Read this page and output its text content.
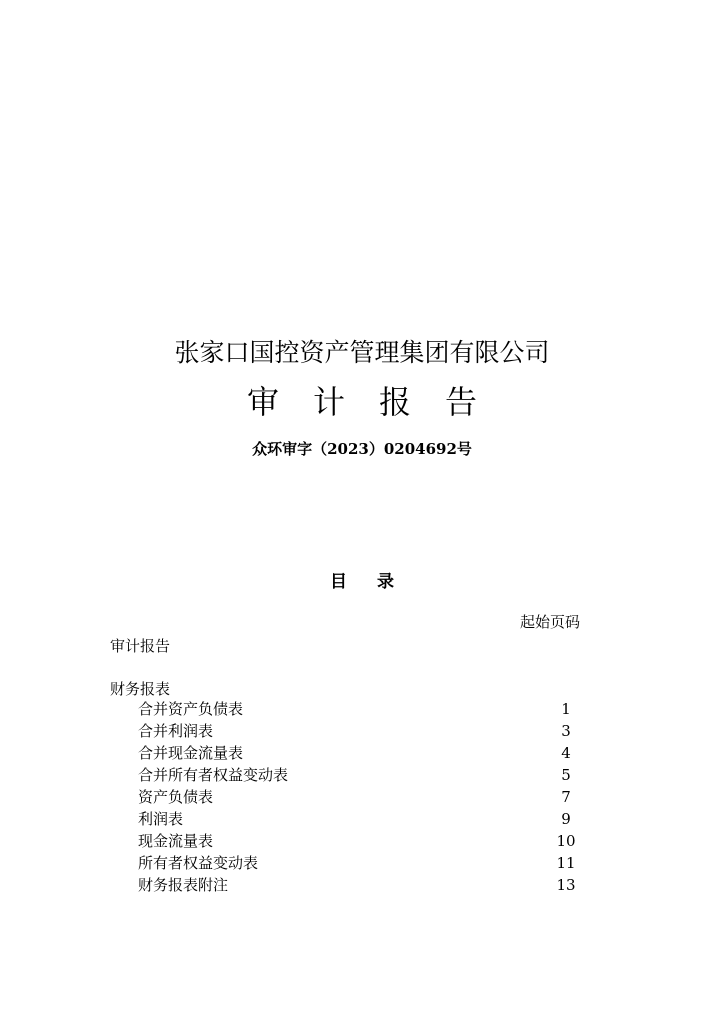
张家口国控资产管理集团有限公司
审计报告
众环审字（2023）0204692号
目录
起始页码
审计报告
财务报表
合并资产负债表	1
合并利润表	3
合并现金流量表	4
合并所有者权益变动表	5
资产负债表	7
利润表	9
现金流量表	10
所有者权益变动表	11
财务报表附注	13
